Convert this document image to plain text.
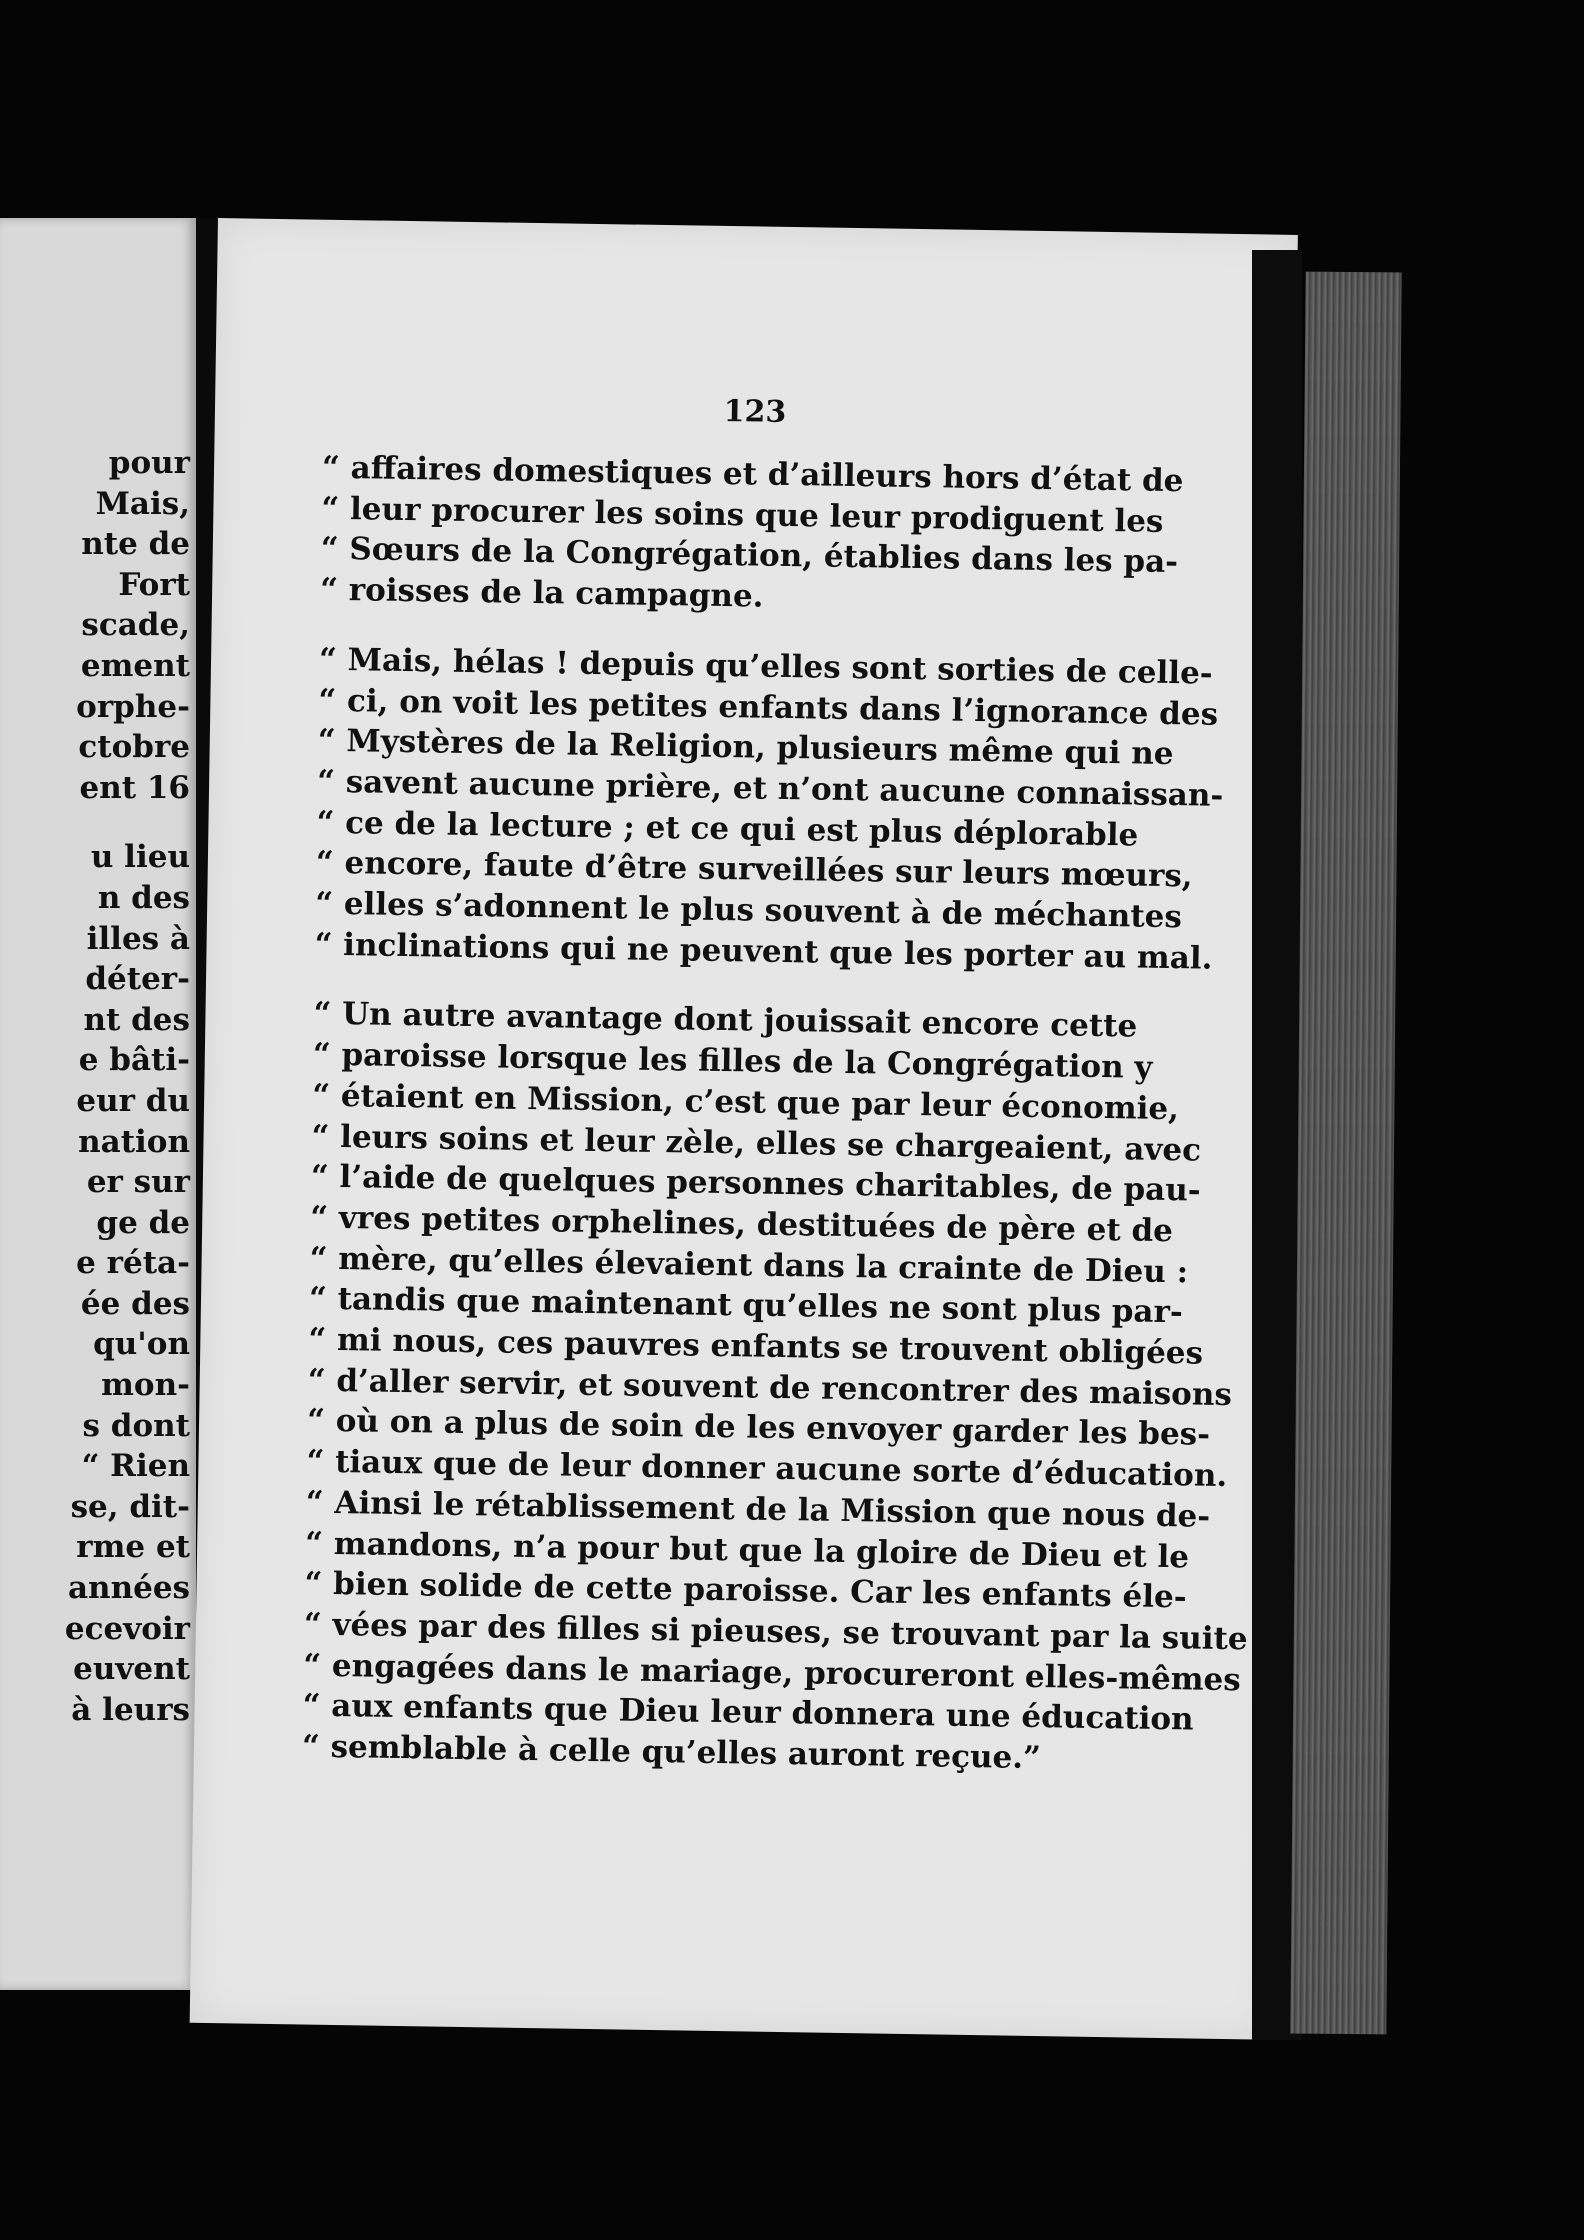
pour
Mais,
nte de
Fort
scade,
ement
orphe-
ctobre
ent 16
u lieu
n des
illes à
déter-
nt des
e bâti-
eur du
nation
er sur
ge de
e réta-
ée des
qu'on
mon-
s dont
“ Rien
se, dit-
rme et
années
ecevoir
euvent
à leurs
123
“ affaires domestiques et d’ailleurs hors d’état de
“ leur procurer les soins que leur prodiguent les
“ Sœurs de la Congrégation, établies dans les pa-
“ roisses de la campagne.
“ Mais, hélas ! depuis qu’elles sont sorties de celle-
“ ci, on voit les petites enfants dans l’ignorance des
“ Mystères de la Religion, plusieurs même qui ne
“ savent aucune prière, et n’ont aucune connaissan-
“ ce de la lecture ; et ce qui est plus déplorable
“ encore, faute d’être surveillées sur leurs mœurs,
“ elles s’adonnent le plus souvent à de méchantes
“ inclinations qui ne peuvent que les porter au mal.
“ Un autre avantage dont jouissait encore cette
“ paroisse lorsque les filles de la Congrégation y
“ étaient en Mission, c’est que par leur économie,
“ leurs soins et leur zèle, elles se chargeaient, avec
“ l’aide de quelques personnes charitables, de pau-
“ vres petites orphelines, destituées de père et de
“ mère, qu’elles élevaient dans la crainte de Dieu :
“ tandis que maintenant qu’elles ne sont plus par-
“ mi nous, ces pauvres enfants se trouvent obligées
“ d’aller servir, et souvent de rencontrer des maisons
“ où on a plus de soin de les envoyer garder les bes-
“ tiaux que de leur donner aucune sorte d’éducation.
“ Ainsi le rétablissement de la Mission que nous de-
“ mandons, n’a pour but que la gloire de Dieu et le
“ bien solide de cette paroisse. Car les enfants éle-
“ vées par des filles si pieuses, se trouvant par la suite
“ engagées dans le mariage, procureront elles-mêmes
“ aux enfants que Dieu leur donnera une éducation
“ semblable à celle qu’elles auront reçue.”
